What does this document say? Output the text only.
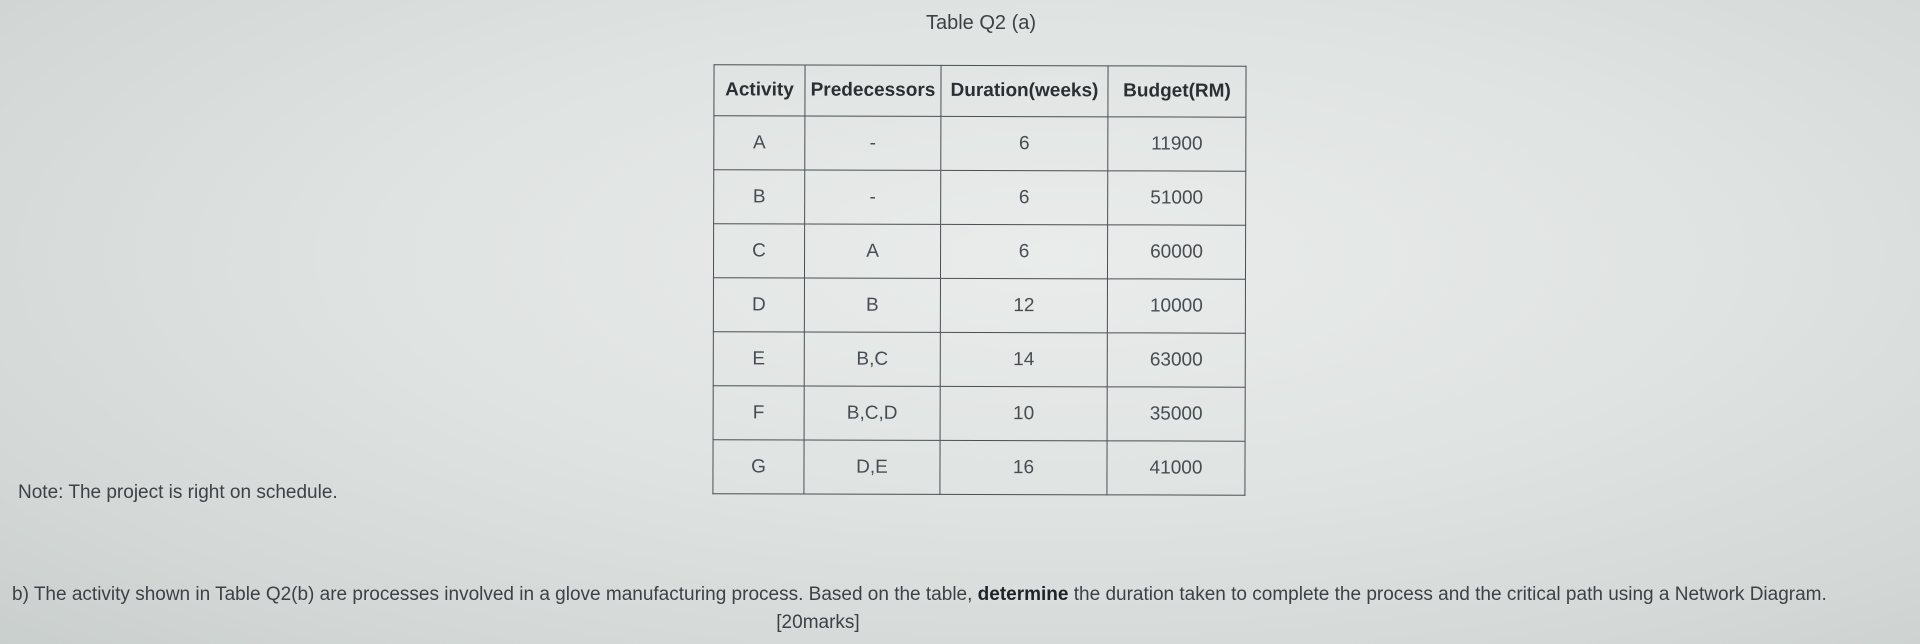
Table Q2 (a)
Activity	Predecessors	Duration(weeks)	Budget(RM)
A	-	6	11900
B	-	6	51000
C	A	6	60000
D	B	12	10000
E	B,C	14	63000
F	B,C,D	10	35000
G	D,E	16	41000
Note: The project is right on schedule.
b) The activity shown in Table Q2(b) are processes involved in a glove manufacturing process. Based on the table, determine the duration taken to complete the process and the critical path using a Network Diagram.
[20marks]
